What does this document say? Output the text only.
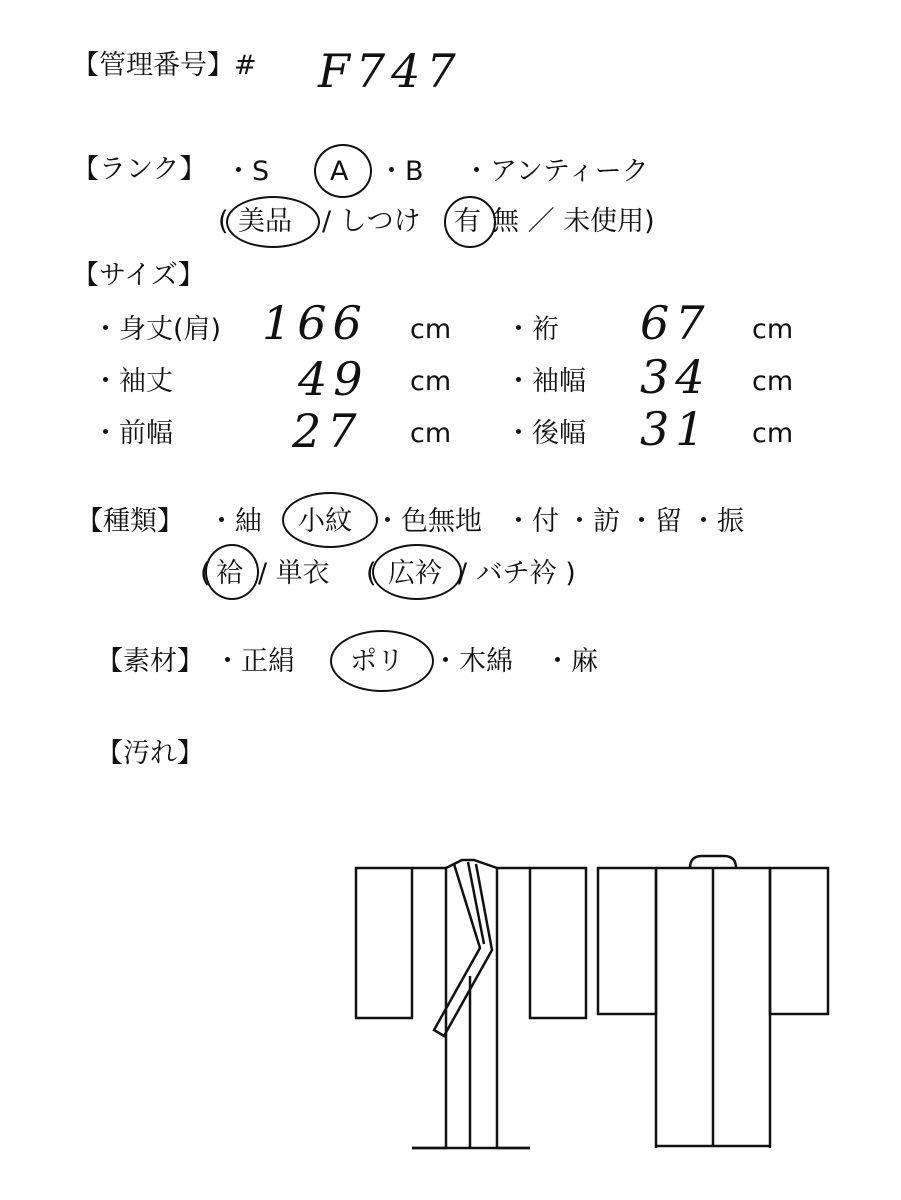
【管理番号】# F747
【ランク】 ・S A ・B ・アンティーク
( 美品 / しつけ 有 無 ／ 未使用)
【サイズ】
・身丈(肩) 166 cm ・裄 67 cm
・袖丈	49 cm ・袖幅 34 cm
・前幅	27 cm ・後幅 31 cm
【種類】 ・紬 小紋 ・色無地 ・付 ・訪 ・留 ・振
( 袷 / 単衣 ( 広衿 / バチ衿 )
【素材】 ・正絹 ポリ ・木綿 ・麻
【汚れ】
